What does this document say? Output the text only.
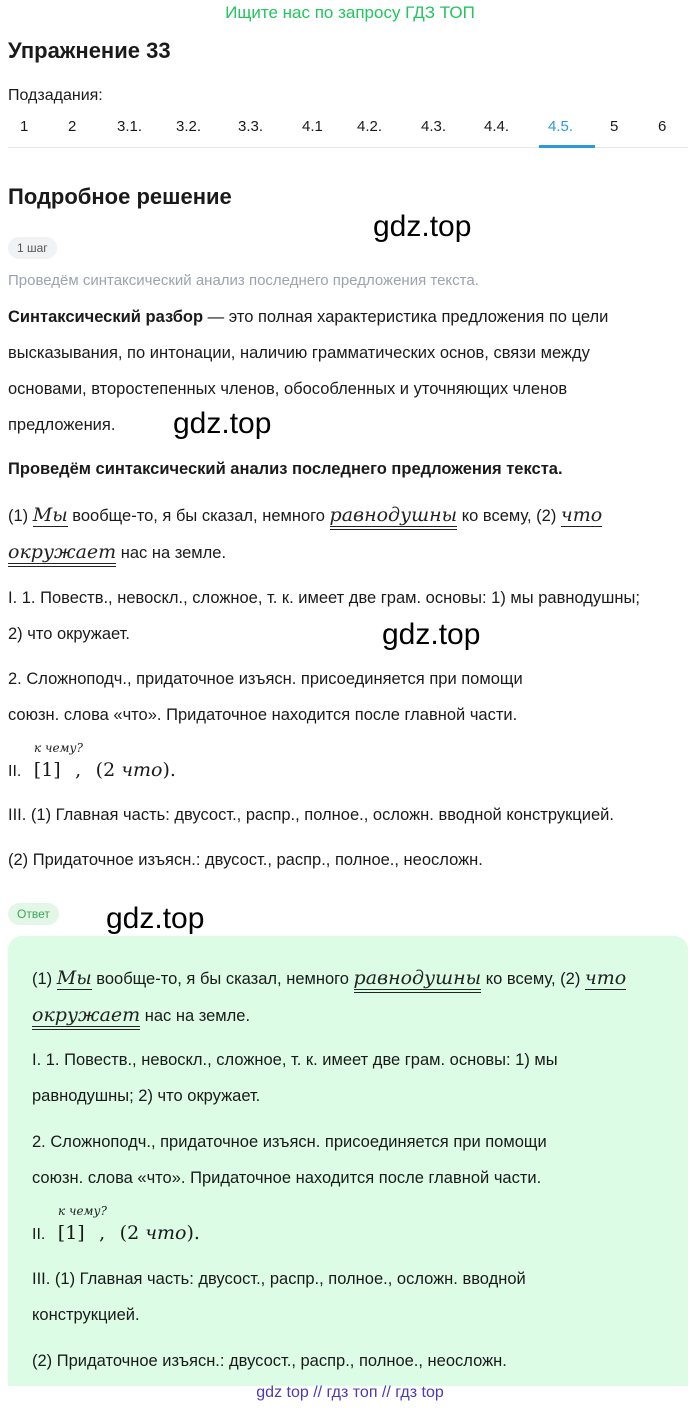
Ищите нас по запросу ГДЗ ТОП
Упражнение 33
Подзадания:
1	2	3.1. 3.2. 3.3.	4.1 4.2.	4.3.	4.4.	4.5. 5	6
Подробное решение
gdz.top
gdz.top
gdz.top
gdz.top
1 шаг
Проведём синтаксический анализ последнего предложения текста.
Синтаксический разбор — это полная характеристика предложения по цели
высказывания, по интонации, наличию грамматических основ, связи между
основами, второстепенных членов, обособленных и уточняющих членов
предложения.
Проведём синтаксический анализ последнего предложения текста.
(1) Мы вообще-то, я бы сказал, немного равнодушны ко всему, (2) что
окружает нас на земле.
I. 1. Повеств., невоскл., сложное, т. к. имеет две грам. основы: 1) мы равнодушны;
2) что окружает.
2. Сложноподч., придаточное изъясн. присоединяется при помощи
союзн. слова «что». Придаточное находится после главной части.
II.
к чему?
[1] , (2 что).
III. (1) Главная часть: двусост., распр., полное., осложн. вводной конструкцией.
(2) Придаточное изъясн.: двусост., распр., полное., неосложн.
Ответ
(1) Мы вообще-то, я бы сказал, немного равнодушны ко всему, (2) что
окружает нас на земле.
I. 1. Повеств., невоскл., сложное, т. к. имеет две грам. основы: 1) мы
равнодушны; 2) что окружает.
2. Сложноподч., придаточное изъясн. присоединяется при помощи
союзн. слова «что». Придаточное находится после главной части.
II.
к чему?
[1] , (2 что).
III. (1) Главная часть: двусост., распр., полное., осложн. вводной
конструкцией.
(2) Придаточное изъясн.: двусост., распр., полное., неосложн.
gdz top // гдз топ // гдз top
